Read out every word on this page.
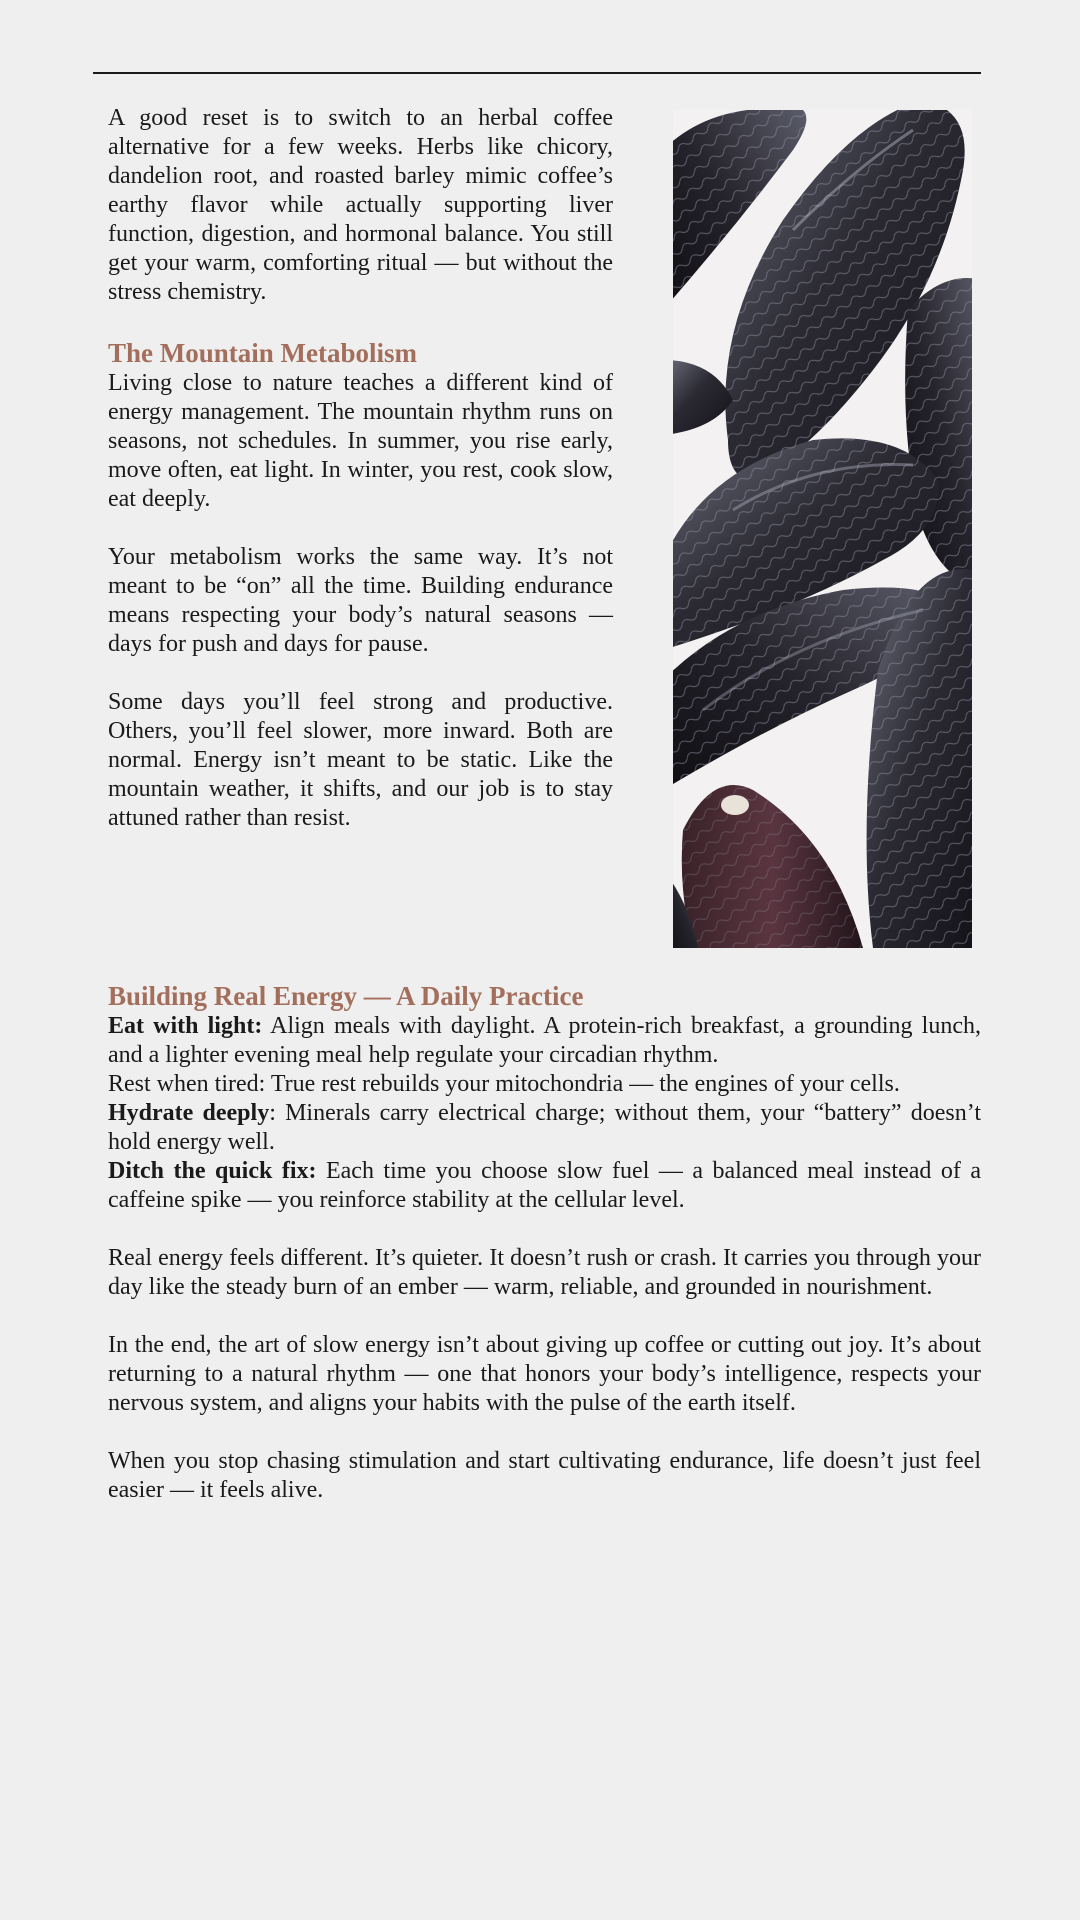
A good reset is to switch to an herbal coffee alternative for a few weeks. Herbs like chicory, dandelion root, and roasted barley mimic coffee’s earthy flavor while actually supporting liver function, digestion, and hormonal balance. You still get your warm, comforting ritual — but without the stress chemistry.

The Mountain Metabolism

Living close to nature teaches a different kind of energy management. The mountain rhythm runs on seasons, not schedules. In summer, you rise early, move often, eat light. In winter, you rest, cook slow, eat deeply.

Your metabolism works the same way. It’s not meant to be “on” all the time. Building endurance means respecting your body’s natural seasons — days for push and days for pause.

Some days you’ll feel strong and productive. Others, you’ll feel slower, more inward. Both are normal. Energy isn’t meant to be static. Like the mountain weather, it shifts, and our job is to stay attuned rather than resist.

Building Real Energy — A Daily Practice
Eat with light: Align meals with daylight. A protein-rich breakfast, a grounding lunch, and a lighter evening meal help regulate your circadian rhythm.
Rest when tired: True rest rebuilds your mitochondria — the engines of your cells.
Hydrate deeply: Minerals carry electrical charge; without them, your “battery” doesn’t hold energy well.
Ditch the quick fix: Each time you choose slow fuel — a balanced meal instead of a caffeine spike — you reinforce stability at the cellular level.

Real energy feels different. It’s quieter. It doesn’t rush or crash. It carries you through your day like the steady burn of an ember — warm, reliable, and grounded in nourishment.

In the end, the art of slow energy isn’t about giving up coffee or cutting out joy. It’s about returning to a natural rhythm — one that honors your body’s intelligence, respects your nervous system, and aligns your habits with the pulse of the earth itself.

When you stop chasing stimulation and start cultivating endurance, life doesn’t just feel easier — it feels alive.
